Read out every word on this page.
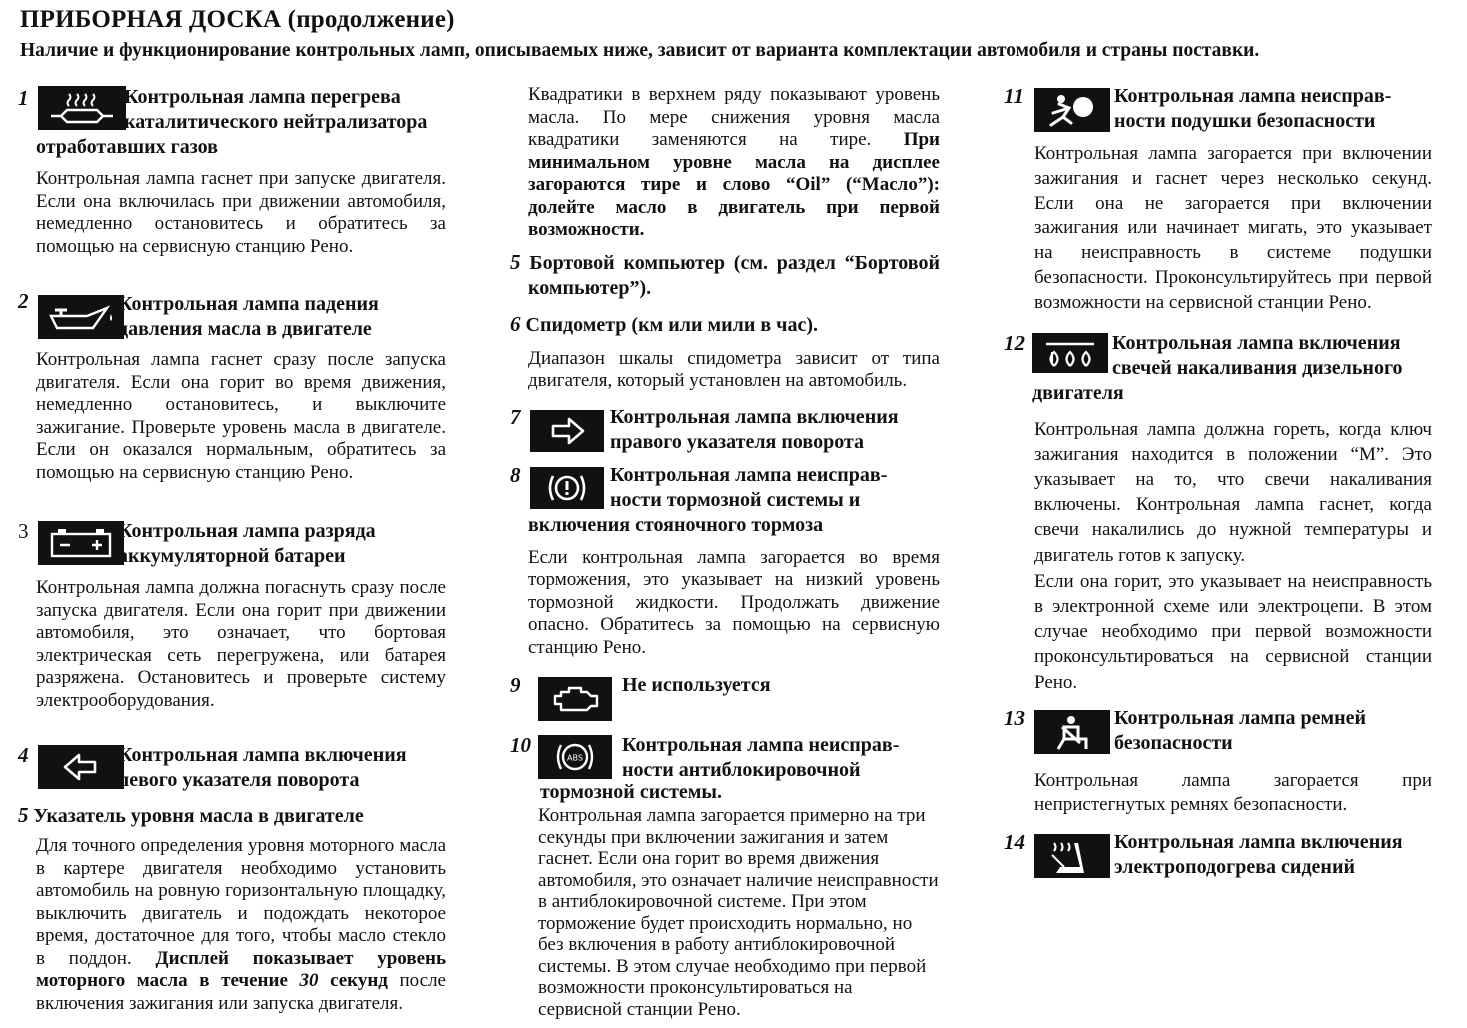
ПРИБОРНАЯ ДОСКА (продолжение)
Наличие и функционирование контрольных ламп, описываемых ниже, зависит от варианта комплектации автомобиля и страны поставки.
1	Контрольная лампа перегрева
каталитического нейтрализатора
отработавших газов
Контрольная лампа гаснет при запуске двигателя. Если она включилась при движении автомобиля, немедленно остановитесь и обратитесь за помощью на сервисную станцию Рено.
2	Контрольная лампа падения
давления масла в двигателе
Контрольная лампа гаснет сразу после запуска двигателя. Если она горит во время движения, немедленно остановитесь, и выключите зажигание. Проверьте уровень масла в двигателе. Если он оказался нормальным, обратитесь за помощью на сервисную станцию Рено.
3	Контрольная лампа разряда
аккумуляторной батареи
Контрольная лампа должна погаснуть сразу после запуска двигателя. Если она горит при движении автомобиля, это означает, что бортовая электрическая сеть перегружена, или батарея разряжена. Остановитесь и проверьте систему электрооборудования.
4	Контрольная лампа включения
левого указателя поворота
5 Указатель уровня масла в двигателе
Для точного определения уровня моторного масла в картере двигателя необходимо установить автомобиль на ровную горизонтальную площадку, выключить двигатель и подождать некоторое время, достаточное для того, чтобы масло стекло в поддон. Дисплей показывает уровень моторного масла в течение 30 секунд после включения зажигания или запуска двигателя.
Квадратики в верхнем ряду показывают уровень масла. По мере снижения уровня масла квадратики заменяются на тире. При минимальном уровне масла на дисплее загораются тире и слово “Oil” (“Масло”): долейте масло в двигатель при первой возможности.
5 Бортовой компьютер (см. раздел “Бортовой компьютер”).
6 Спидометр (км или мили в час).
Диапазон шкалы спидометра зависит от типа двигателя, который установлен на автомобиль.
7	Контрольная лампа включения
правого указателя поворота
8	Контрольная лампа неисправ-
ности тормозной системы и
включения стояночного тормоза
Если контрольная лампа загорается во время торможения, это указывает на низкий уровень тормозной жидкости. Продолжать движение опасно. Обратитесь за помощью на сервисную станцию Рено.
9	Не используется
10
ABS
Контрольная лампа неисправ-
ности антиблокировочной
тормозной системы.
Контрольная лампа загорается примерно на три секунды при включении зажигания и затем гаснет. Если она горит во время движения автомобиля, это означает наличие неисправности в антиблокировочной системе. При этом торможение будет происходить нормально, но без включения в работу антиблокировочной системы. В этом случае необходимо при первой возможности проконсультироваться на сервисной станции Рено.
11	Контрольная лампа неисправ-
ности подушки безопасности
Контрольная лампа загорается при включении зажигания и гаснет через несколько секунд. Если она не загорается при включении зажигания или начинает мигать, это указывает на неисправность в системе подушки безопасности. Проконсультируйтесь при первой возможности на сервисной станции Рено.
12	Контрольная лампа включения
свечей накаливания дизельного
двигателя
Контрольная лампа должна гореть, когда ключ зажигания находится в положении “M”. Это указывает на то, что свечи накаливания включены. Контрольная лампа гаснет, когда свечи накалились до нужной температуры и двигатель готов к запуску.
Если она горит, это указывает на неисправность в электронной схеме или электроцепи. В этом случае необходимо при первой возможности проконсультироваться на сервисной станции Рено.
13	Контрольная лампа ремней
безопасности
Контрольная лампа загорается при непристегнутых ремнях безопасности.
14	Контрольная лампа включения
электроподогрева сидений
